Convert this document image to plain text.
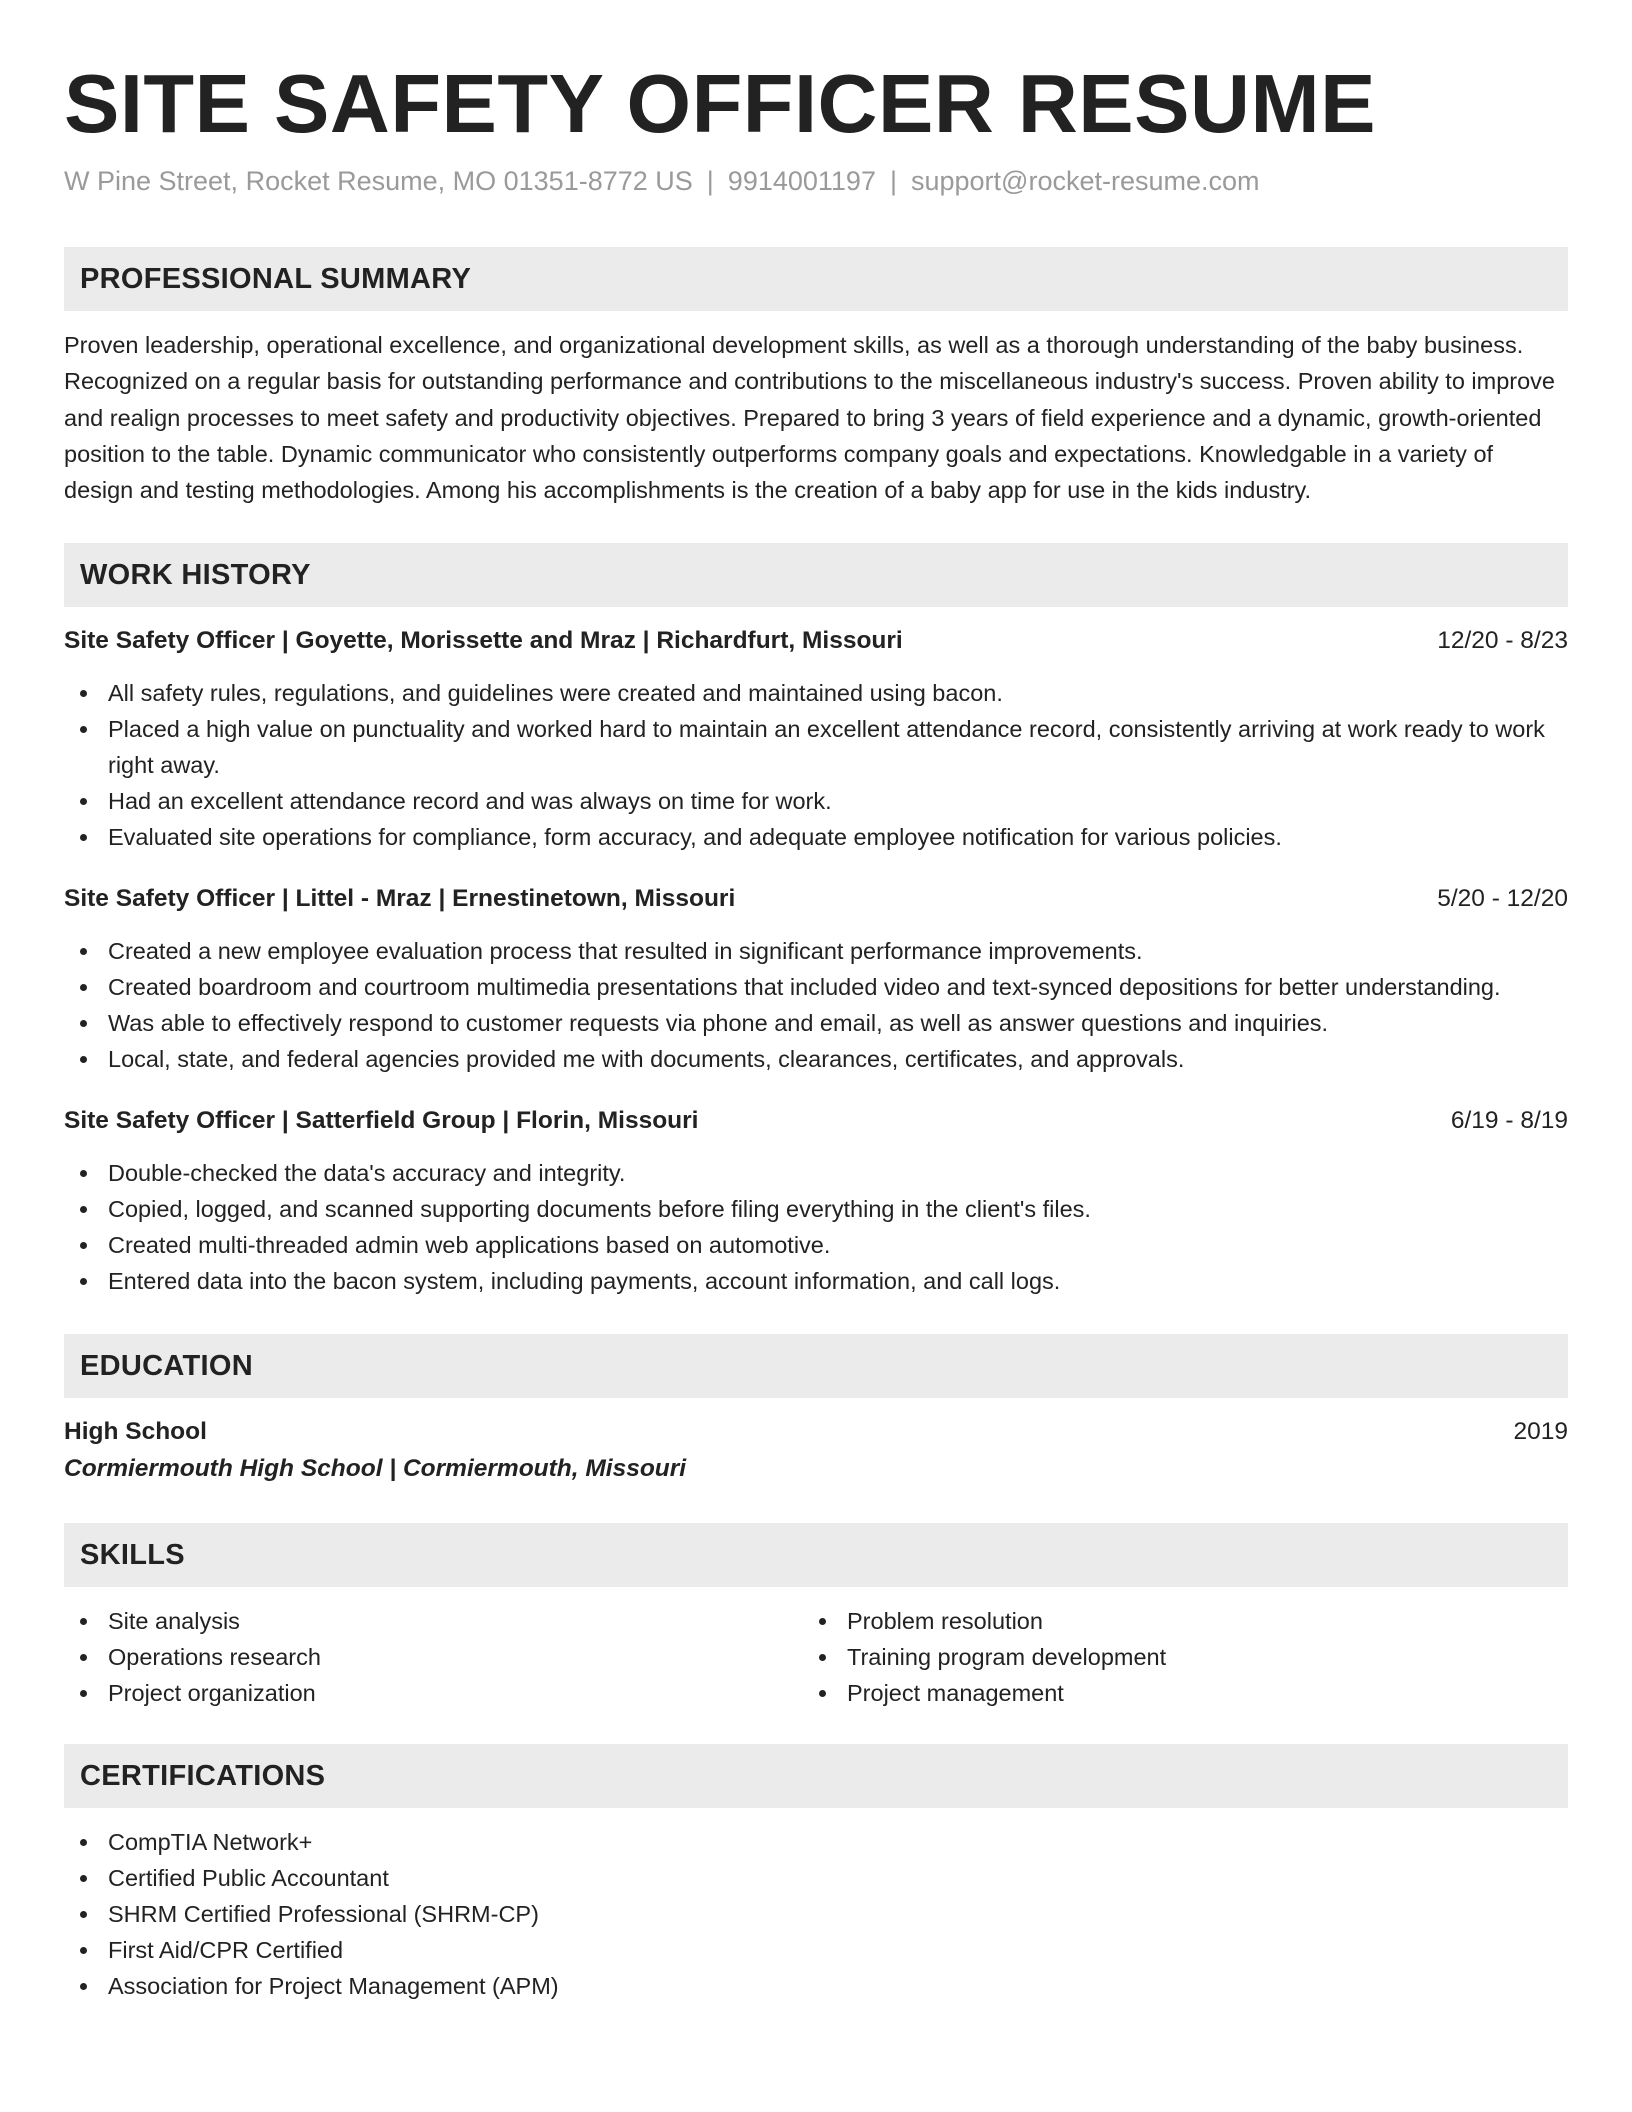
SITE SAFETY OFFICER RESUME
W Pine Street, Rocket Resume, MO 01351-8772 US | 9914001197 | support@rocket-resume.com
PROFESSIONAL SUMMARY

Proven leadership, operational excellence, and organizational development skills, as well as a thorough understanding of the baby business. Recognized on a regular basis for outstanding performance and contributions to the miscellaneous industry's success. Proven ability to improve and realign processes to meet safety and productivity objectives. Prepared to bring 3 years of field experience and a dynamic, growth-oriented position to the table. Dynamic communicator who consistently outperforms company goals and expectations. Knowledgable in a variety of design and testing methodologies. Among his accomplishments is the creation of a baby app for use in the kids industry.

WORK HISTORY
Site Safety Officer | Goyette, Morissette and Mraz | Richardfurt, Missouri	12/20 - 8/23
All safety rules, regulations, and guidelines were created and maintained using bacon.
Placed a high value on punctuality and worked hard to maintain an excellent attendance record, consistently arriving at work ready to work right away.
Had an excellent attendance record and was always on time for work.
Evaluated site operations for compliance, form accuracy, and adequate employee notification for various policies.
Site Safety Officer | Littel - Mraz | Ernestinetown, Missouri	5/20 - 12/20
Created a new employee evaluation process that resulted in significant performance improvements.
Created boardroom and courtroom multimedia presentations that included video and text-synced depositions for better understanding.
Was able to effectively respond to customer requests via phone and email, as well as answer questions and inquiries.
Local, state, and federal agencies provided me with documents, clearances, certificates, and approvals.
Site Safety Officer | Satterfield Group | Florin, Missouri	6/19 - 8/19
Double-checked the data's accuracy and integrity.
Copied, logged, and scanned supporting documents before filing everything in the client's files.
Created multi-threaded admin web applications based on automotive.
Entered data into the bacon system, including payments, account information, and call logs.
EDUCATION
High School	2019
Cormiermouth High School | Cormiermouth, Missouri
SKILLS
Site analysis
Operations research
Project organization
Problem resolution
Training program development
Project management
CERTIFICATIONS
CompTIA Network+
Certified Public Accountant
SHRM Certified Professional (SHRM-CP)
First Aid/CPR Certified
Association for Project Management (APM)
